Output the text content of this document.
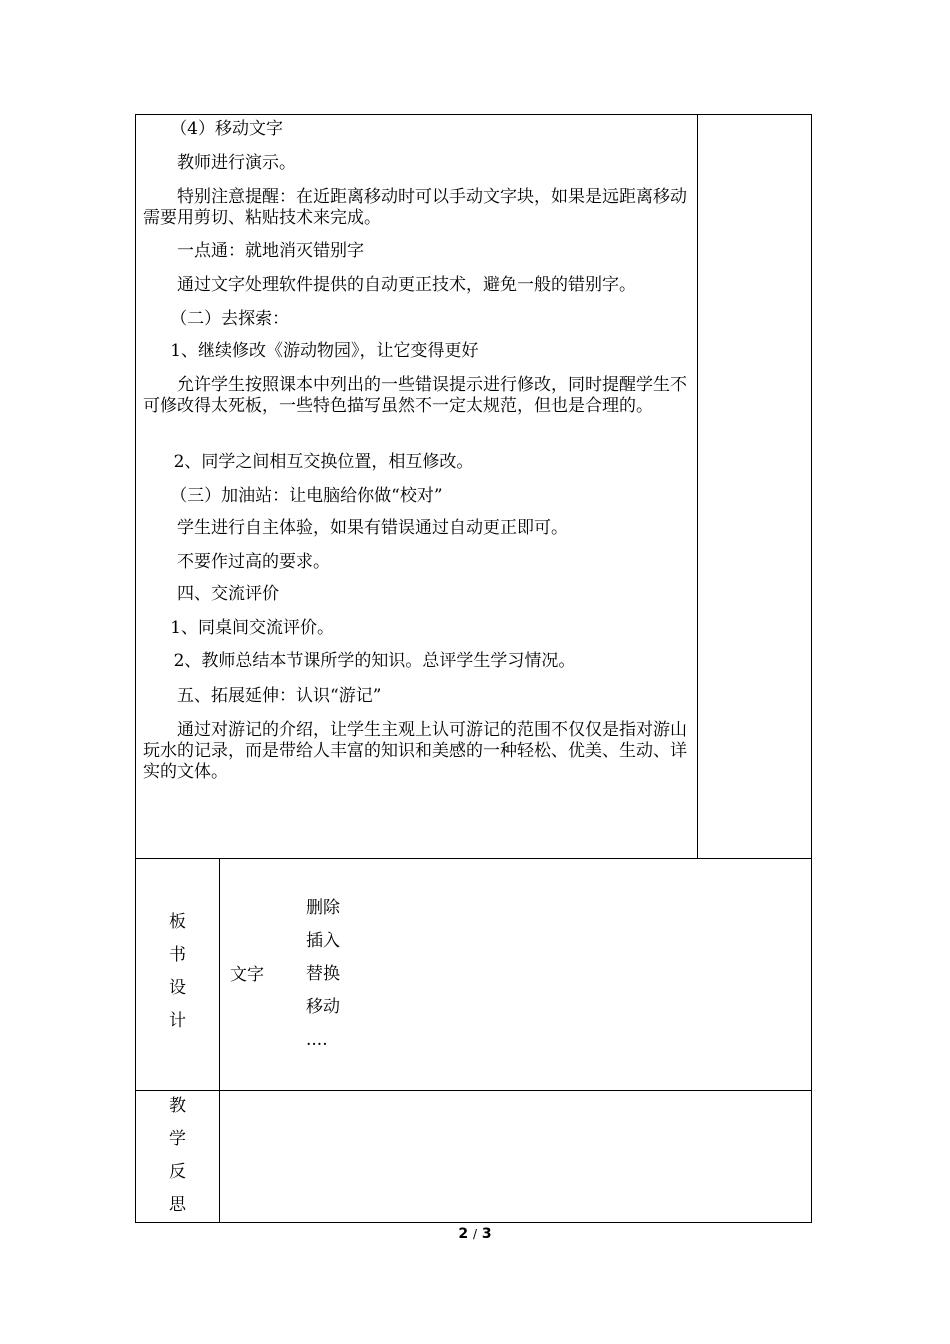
（4）移动文字

教师进行演示。

特别注意提醒：在近距离移动时可以手动文字块，如果是远距离移动需要用剪切、粘贴技术来完成。

一点通：就地消灭错别字

通过文字处理软件提供的自动更正技术，避免一般的错别字。

（二）去探索：

1、继续修改《游动物园》，让它变得更好

允许学生按照课本中列出的一些错误提示进行修改，同时提醒学生不可修改得太死板，一些特色描写虽然不一定太规范，但也是合理的。

2、同学之间相互交换位置，相互修改。

（三）加油站：让电脑给你做“校对”

学生进行自主体验，如果有错误通过自动更正即可。

不要作过高的要求。

四、交流评价

1、同桌间交流评价。

2、教师总结本节课所学的知识。总评学生学习情况。

五、拓展延伸：认识“游记”

通过对游记的介绍，让学生主观上认可游记的范围不仅仅是指对游山玩水的记录，而是带给人丰富的知识和美感的一种轻松、优美、生动、详实的文体。

板
书
设
计
文字
删除
插入
替换
移动
....
教
学
反
思
2 / 3
